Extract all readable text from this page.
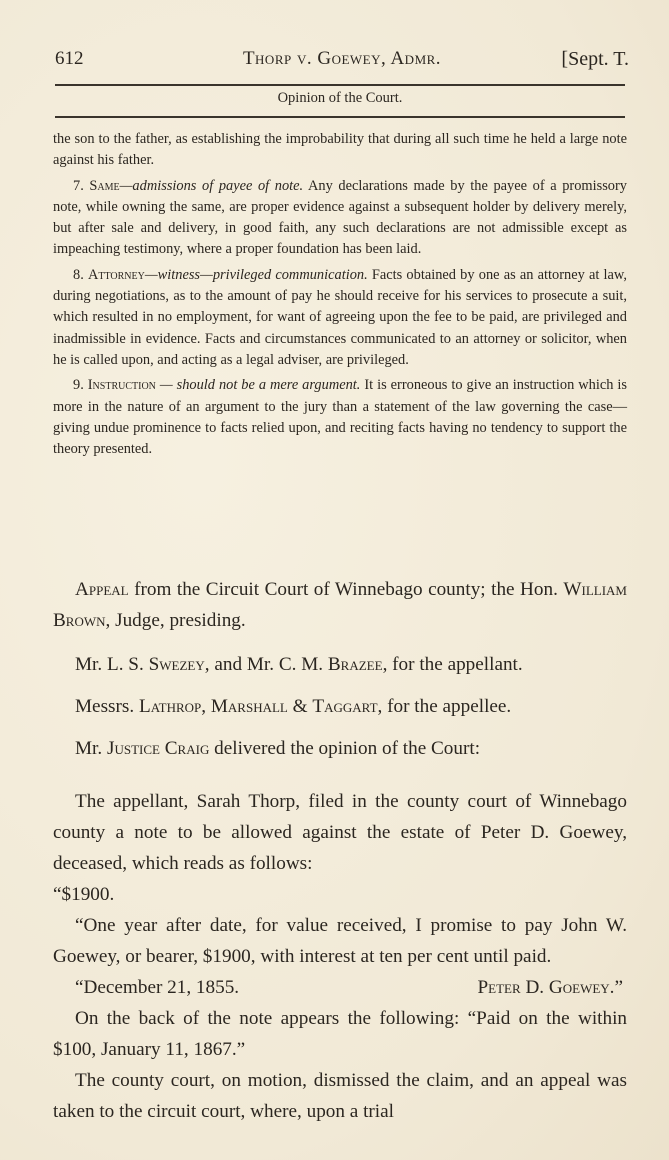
612	Thorp v. Goewey, Admr.	[Sept. T.
Opinion of the Court.

the son to the father, as establishing the improbability that during all such time he held a large note against his father.

7. Same—admissions of payee of note. Any declarations made by the payee of a promissory note, while owning the same, are proper evidence against a subsequent holder by delivery merely, but after sale and delivery, in good faith, any such declarations are not admissible except as impeaching testimony, where a proper foundation has been laid.

8. Attorney—witness—privileged communication. Facts obtained by one as an attorney at law, during negotiations, as to the amount of pay he should receive for his services to prosecute a suit, which resulted in no employment, for want of agreeing upon the fee to be paid, are privileged and inadmissible in evidence. Facts and circumstances communicated to an attorney or solicitor, when he is called upon, and acting as a legal adviser, are privileged.

9. Instruction — should not be a mere argument. It is erroneous to give an instruction which is more in the nature of an argument to the jury than a statement of the law governing the case—giving undue prominence to facts relied upon, and reciting facts having no tendency to support the theory presented.

Appeal from the Circuit Court of Winnebago county; the Hon. William Brown, Judge, presiding.

Mr. L. S. Swezey, and Mr. C. M. Brazee, for the appellant.

Messrs. Lathrop, Marshall & Taggart, for the appellee.

Mr. Justice Craig delivered the opinion of the Court:

The appellant, Sarah Thorp, filed in the county court of Winnebago county a note to be allowed against the estate of Peter D. Goewey, deceased, which reads as follows:

“$1900.

“One year after date, for value received, I promise to pay John W. Goewey, or bearer, $1900, with interest at ten per cent until paid.

“December 21, 1855.	Peter D. Goewey.”

On the back of the note appears the following: “Paid on the within $100, January 11, 1867.”

The county court, on motion, dismissed the claim, and an appeal was taken to the circuit court, where, upon a trial
